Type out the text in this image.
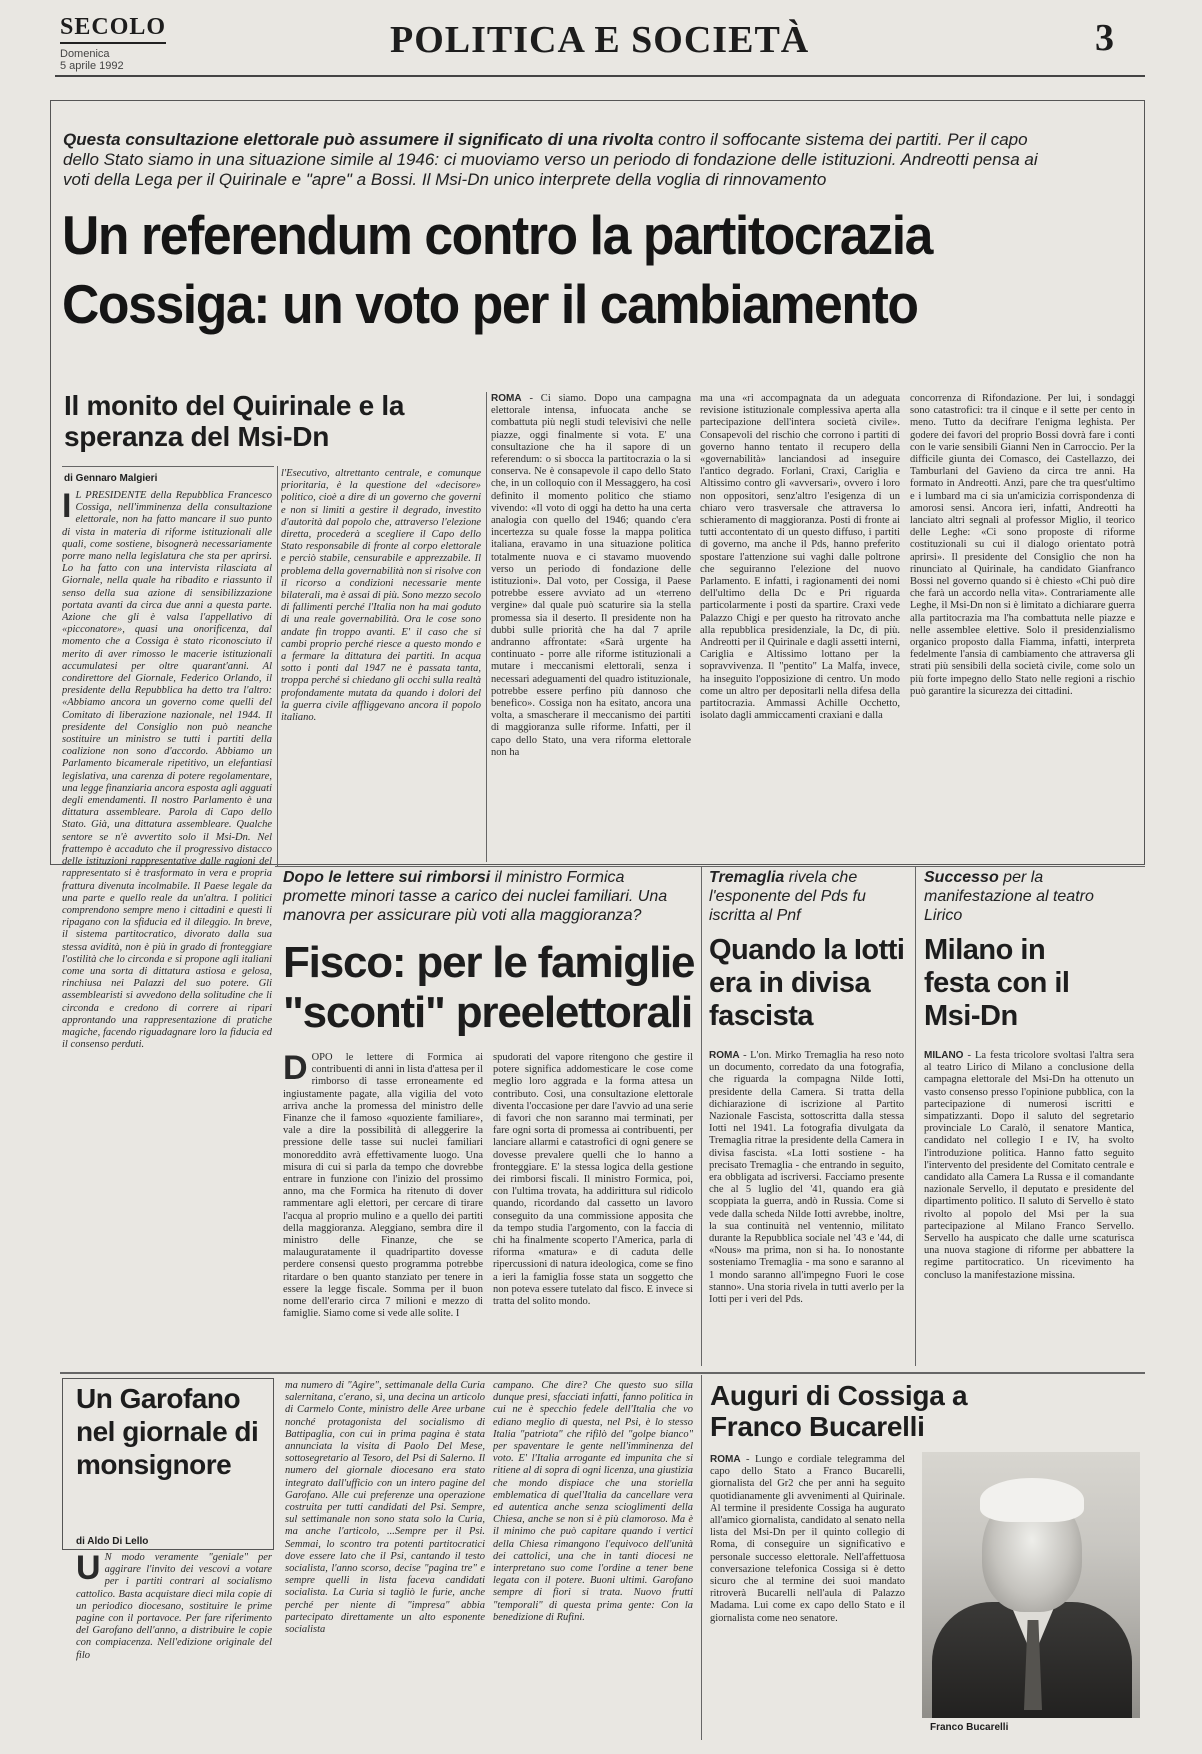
SECOLO
Domenica
5 aprile 1992
POLITICA E SOCIETÀ	3
Questa consultazione elettorale può assumere il significato di una rivolta contro il soffocante sistema dei partiti. Per il capo dello Stato siamo in una situazione simile al 1946: ci muoviamo verso un periodo di fondazione delle istituzioni. Andreotti pensa ai voti della Lega per il Quirinale e "apre" a Bossi. Il Msi-Dn unico interprete della voglia di rinnovamento
Un referendum contro la partitocrazia
Cossiga: un voto per il cambiamento
Il monito del Quirinale e la speranza del Msi-Dn
di Gennaro Malgieri
I L PRESIDENTE della Repubblica Francesco Cossiga, nell'imminenza della consultazione elettorale, non ha fatto mancare il suo punto di vista in materia di riforme istituzionali alle quali, come sostiene, bisognerà necessariamente porre mano nella legislatura che sta per aprirsi. Lo ha fatto con una intervista rilasciata al Giornale, nella quale ha ribadito e riassunto il senso della sua azione di sensibilizzazione portata avanti da circa due anni a questa parte. Azione che gli è valsa l'appellativo di «picconatore», quasi una onorificenza, dal momento che a Cossiga è stato riconosciuto il merito di aver rimosso le macerie istituzionali accumulatesi per oltre quarant'anni. Al condirettore del Giornale, Federico Orlando, il presidente della Repubblica ha detto tra l'altro: «Abbiamo ancora un governo come quelli del Comitato di liberazione nazionale, nel 1944. Il presidente del Consiglio non può neanche sostituire un ministro se tutti i partiti della coalizione non sono d'accordo. Abbiamo un Parlamento bicamerale ripetitivo, un elefantiasi legislativa, una carenza di potere regolamentare, una legge finanziaria ancora esposta agli agguati degli emendamenti. Il nostro Parlamento è una dittatura assembleare. Parola di Capo dello Stato. Già, una dittatura assembleare. Qualche sentore se n'è avvertito solo il Msi-Dn. Nel frattempo è accaduto che il progressivo distacco delle istituzioni rappresentative dalle ragioni del rappresentato si è trasformato in vera e propria frattura divenuta incolmabile. Il Paese legale da una parte e quello reale da un'altra. I politici comprendono sempre meno i cittadini e questi li ripagano con la sfiducia ed il dileggio. In breve, il sistema partitocratico, divorato dalla sua stessa avidità, non è più in grado di fronteggiare l'ostilità che lo circonda e si propone agli italiani come una sorta di dittatura astiosa e gelosa, rinchiusa nei Palazzi del suo potere. Gli assemblearisti si avvedono della solitudine che li circonda e credono di correre ai ripari approntando una rappresentazione di pratiche magiche, facendo riguadagnare loro la fiducia ed il consenso perduti.
l'Esecutivo, altrettanto centrale, e comunque prioritaria, è la questione del «decisore» politico, cioè a dire di un governo che governi e non si limiti a gestire il degrado, investito d'autorità dal popolo che, attraverso l'elezione diretta, procederà a scegliere il Capo dello Stato responsabile di fronte al corpo elettorale e perciò stabile, censurabile e apprezzabile. Il problema della governabilità non si risolve con il ricorso a condizioni necessarie mente bilaterali, ma è assai di più. Sono mezzo secolo di fallimenti perché l'Italia non ha mai goduto di una reale governabilità. Ora le cose sono andate fin troppo avanti. E' il caso che si cambi proprio perché riesce a questo mondo e a fermare la dittatura dei partiti. In acqua sotto i ponti dal 1947 ne è passata tanta, troppa perché si chiedano gli occhi sulla realtà profondamente mutata da quando i dolori del la guerra civile affliggevano ancora il popolo italiano.
ROMA - Ci siamo. Dopo una campagna elettorale intensa, infuocata anche se combattuta più negli studi televisivi che nelle piazze, oggi finalmente si vota. E' una consultazione che ha il sapore di un referendum: o si sbocca la partitocrazia o la si conserva. Ne è consapevole il capo dello Stato che, in un colloquio con il Messaggero, ha così definito il momento politico che stiamo vivendo: «Il voto di oggi ha detto ha una certa analogia con quello del 1946; quando c'era incertezza su quale fosse la mappa politica italiana, eravamo in una situazione politica totalmente nuova e ci stavamo muovendo verso un periodo di fondazione delle istituzioni». Dal voto, per Cossiga, il Paese potrebbe essere avviato ad un «terreno vergine» dal quale può scaturire sia la stella promessa sia il deserto. Il presidente non ha dubbi sulle priorità che ha dal 7 aprile andranno affrontate: «Sarà urgente ha continuato - porre alle riforme istituzionali a mutare i meccanismi elettorali, senza i necessari adeguamenti del quadro istituzionale, potrebbe essere perfino più dannoso che benefico». Cossiga non ha esitato, ancora una volta, a smascherare il meccanismo dei partiti di maggioranza sulle riforme. Infatti, per il capo dello Stato, una vera riforma elettorale non ha
ma una «ri accompagnata da un adeguata revisione istituzionale complessiva aperta alla partecipazione dell'intera società civile». Consapevoli del rischio che corrono i partiti di governo hanno tentato il recupero della «governabilità» lanciandosi ad inseguire l'antico degrado. Forlani, Craxi, Cariglia e Altissimo contro gli «avversari», ovvero i loro non oppositori, senz'altro l'esigenza di un chiaro vero trasversale che attraversa lo schieramento di maggioranza. Posti di fronte ai tutti accontentato di un questo diffuso, i partiti di governo, ma anche il Pds, hanno preferito spostare l'attenzione sui vaghi dalle poltrone che seguiranno l'elezione del nuovo Parlamento. E infatti, i ragionamenti dei nomi dell'ultimo della Dc e Pri riguarda particolarmente i posti da spartire. Craxi vede Palazzo Chigi e per questo ha ritrovato anche alla repubblica presidenziale, la Dc, di più. Andreotti per il Quirinale e dagli assetti interni, Cariglia e Altissimo lottano per la sopravvivenza. Il "pentito" La Malfa, invece, ha inseguito l'opposizione di centro. Un modo come un altro per depositarli nella difesa della partitocrazia. Ammassi Achille Occhetto, isolato dagli ammiccamenti craxiani e dalla
concorrenza di Rifondazione. Per lui, i sondaggi sono catastrofici: tra il cinque e il sette per cento in meno. Tutto da decifrare l'enigma leghista. Per godere dei favori del proprio Bossi dovrà fare i conti con le varie sensibili Gianni Nen in Carroccio. Per la difficile giunta dei Comasco, dei Castellazzo, dei Tamburlani del Gavieno da circa tre anni. Ha formato in Andreotti. Anzi, pare che tra quest'ultimo e i lumbard ma ci sia un'amicizia corrispondenza di amorosi sensi. Ancora ieri, infatti, Andreotti ha lanciato altri segnali al professor Miglio, il teorico delle Leghe: «Ci sono proposte di riforme costituzionali su cui il dialogo orientato potrà aprirsi». Il presidente del Consiglio che non ha rinunciato al Quirinale, ha candidato Gianfranco Bossi nel governo quando si è chiesto «Chi può dire che farà un accordo nella vita». Contrariamente alle Leghe, il Msi-Dn non si è limitato a dichiarare guerra alla partitocrazia ma l'ha combattuta nelle piazze e nelle assemblee elettive. Solo il presidenzialismo organico proposto dalla Fiamma, infatti, interpreta fedelmente l'ansia di cambiamento che attraversa gli strati più sensibili della società civile, come solo un più forte impegno dello Stato nelle regioni a rischio può garantire la sicurezza dei cittadini.
Dopo le lettere sui rimborsi il ministro Formica promette minori tasse a carico dei nuclei familiari. Una manovra per assicurare più voti alla maggioranza?
Fisco: per le famiglie "sconti" preelettorali
DOPO le lettere di Formica ai contribuenti di anni in lista d'attesa per il rimborso di tasse erroneamente ed ingiustamente pagate, alla vigilia del voto arriva anche la promessa del ministro delle Finanze che il famoso «quoziente familiare», vale a dire la possibilità di alleggerire la pressione delle tasse sui nuclei familiari monoreddito avrà effettivamente luogo. Una misura di cui si parla da tempo che dovrebbe entrare in funzione con l'inizio del prossimo anno, ma che Formica ha ritenuto di dover rammentare agli elettori, per cercare di tirare l'acqua al proprio mulino e a quello dei partiti della maggioranza. Aleggiano, sembra dire il ministro delle Finanze, che se malauguratamente il quadripartito dovesse perdere consensi questo programma potrebbe ritardare o ben quanto stanziato per tenere in essere la legge fiscale. Somma per il buon nome dell'erario circa 7 milioni e mezzo di famiglie. Siamo come si vede alle solite. I
spudorati del vapore ritengono che gestire il potere significa addomesticare le cose come meglio loro aggrada e la forma attesa un contributo. Così, una consultazione elettorale diventa l'occasione per dare l'avvio ad una serie di favori che non saranno mai terminati, per fare ogni sorta di promessa ai contribuenti, per lanciare allarmi e catastrofici di ogni genere se dovesse prevalere quelli che lo hanno a fronteggiare. E' la stessa logica della gestione dei rimborsi fiscali. Il ministro Formica, poi, con l'ultima trovata, ha addirittura sul ridicolo quando, ricordando dal cassetto un lavoro conseguito da una commissione apposita che da tempo studia l'argomento, con la faccia di chi ha finalmente scoperto l'America, parla di riforma «matura» e di caduta delle ripercussioni di natura ideologica, come se fino a ieri la famiglia fosse stata un soggetto che non poteva essere tutelato dal fisco. E invece si tratta del solito mondo.
Tremaglia rivela che l'esponente del Pds fu iscritta al Pnf
Quando la Iotti era in divisa fascista
ROMA - L'on. Mirko Tremaglia ha reso noto un documento, corredato da una fotografia, che riguarda la compagna Nilde Iotti, presidente della Camera. Si tratta della dichiarazione di iscrizione al Partito Nazionale Fascista, sottoscritta dalla stessa Iotti nel 1941. La fotografia divulgata da Tremaglia ritrae la presidente della Camera in divisa fascista. «La Iotti sostiene - ha precisato Tremaglia - che entrando in seguito, era obbligata ad iscriversi. Facciamo presente che al 5 luglio del '41, quando era già scoppiata la guerra, andò in Russia. Come si vede dalla scheda Nilde Iotti avrebbe, inoltre, la sua continuità nel ventennio, militato durante la Repubblica sociale nel '43 e '44, di «Nous» ma prima, non si ha. Io nonostante sosteniamo Tremaglia - ma sono e saranno al 1 mondo saranno all'impegno Fuori le cose stanno». Una storia rivela in tutti averlo per la Iotti per i veri del Pds.
Successo per la manifestazione al teatro Lirico
Milano in festa con il Msi-Dn
MILANO - La festa tricolore svoltasi l'altra sera al teatro Lirico di Milano a conclusione della campagna elettorale del Msi-Dn ha ottenuto un vasto consenso presso l'opinione pubblica, con la partecipazione di numerosi iscritti e simpatizzanti. Dopo il saluto del segretario provinciale Lo Caralò, il senatore Mantica, candidato nel collegio I e IV, ha svolto l'introduzione politica. Hanno fatto seguito l'intervento del presidente del Comitato centrale e candidato alla Camera La Russa e il comandante nazionale Servello, il deputato e presidente del dipartimento politico. Il saluto di Servello è stato rivolto al popolo del Msi per la sua partecipazione al Milano Franco Servello. Servello ha auspicato che dalle urne scaturisca una nuova stagione di riforme per abbattere la regime partitocratico. Un ricevimento ha concluso la manifestazione missina.
Un Garofano nel giornale di monsignore
di Aldo Di Lello
U N modo veramente "geniale" per aggirare l'invito dei vescovi a votare per i partiti contrari al socialismo cattolico. Basta acquistare dieci mila copie di un periodico diocesano, sostituire le prime pagine con il portavoce. Per fare riferimento del Garofano dell'anno, a distribuire le copie con compiacenza. Nell'edizione originale del filo
ma numero di "Agire", settimanale della Curia salernitana, c'erano, sì, una decina un articolo di Carmelo Conte, ministro delle Aree urbane nonché protagonista del socialismo di Battipaglia, con cui in prima pagina è stata annunciata la visita di Paolo Del Mese, sottosegretario al Tesoro, del Psi di Salerno. Il numero del giornale diocesano era stato integrato dall'ufficio con un intero pagine del Garofano. Alle cui preferenze una operazione costruita per tutti candidati del Psi. Sempre, sul settimanale non sono stata solo la Curia, ma anche l'articolo, ...Sempre per il Psi. Semmai, lo scontro tra potenti partitocratici dove essere lato che il Psi, cantando il testo socialista, l'anno scorso, decise "pagina tre" e sempre quelli in lista faceva candidati socialista. La Curia si tagliò le furie, anche perché per niente di "impresa" abbia partecipato direttamente un alto esponente socialista
campano. Che dire? Che questo suo silla dunque presi, sfacciati infatti, fanno politica in cui ne è specchio fedele dell'Italia che vo ediano meglio di questa, nel Psi, è lo stesso Italia "patriota" che rifilò del "golpe bianco" per spaventare le gente nell'imminenza del voto. E' l'Italia arrogante ed impunita che si ritiene al di sopra di ogni licenza, una giustizia che mondo dispiace che una storiella emblematica di quel'Italia da cancellare vera ed autentica anche senza scioglimenti della Chiesa, anche se non si è più clamoroso. Ma è il minimo che può capitare quando i vertici della Chiesa rimangono l'equivoco dell'unità dei cattolici, una che in tanti diocesi ne interpretano suo come l'ordine a tener bene legata con il potere. Buoni ultimi. Garofano sempre di fiori si trata. Nuovo frutti "temporali" di questa prima gente: Con la benedizione di Rufini.
Auguri di Cossiga a Franco Bucarelli
ROMA - Lungo e cordiale telegramma del capo dello Stato a Franco Bucarelli, giornalista del Gr2 che per anni ha seguito quotidianamente gli avvenimenti al Quirinale. Al termine il presidente Cossiga ha augurato all'amico giornalista, candidato al senato nella lista del Msi-Dn per il quinto collegio di Roma, di conseguire un significativo e personale successo elettorale. Nell'affettuosa conversazione telefonica Cossiga si è detto sicuro che al termine dei suoi mandato ritroverà Bucarelli nell'aula di Palazzo Madama. Lui come ex capo dello Stato e il giornalista come neo senatore.
Franco Bucarelli
